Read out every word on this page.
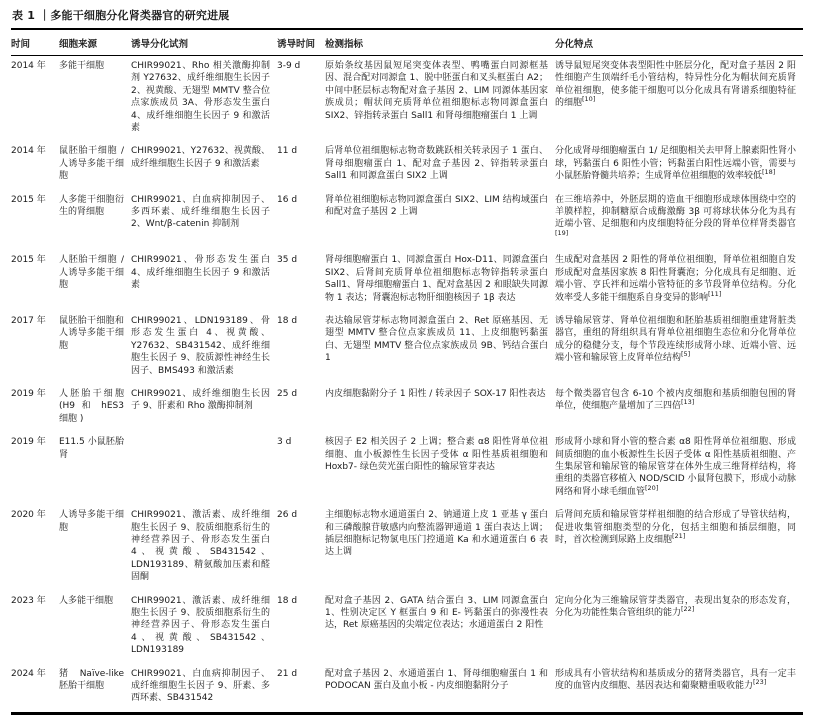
表 1 ｜多能干细胞分化肾类器官的研究进展
时间	细胞来源	诱导分化试剂	诱导时间	检测指标	分化特点
2014 年	多能干细胞	CHIR99021、Rho 相关激酶抑制剂 Y27632、成纤维细胞生长因子 2、视黄酸、无翅型 MMTV 整合位点家族成员 3A、骨形态发生蛋白 4、成纤维细胞生长因子 9 和激活素	3-9 d	原始条纹基因鼠短尾突变体表型、鸭嘴蛋白同源框基因、混合配对同源盒 1、脱中胚蛋白和叉头框蛋白 A2；中间中胚层标志物配对盒子基因 2、LIM 同源体基因家族成员；帽状间充质肾单位祖细胞标志物同源盒蛋白 SIX2、锌指转录蛋白 Sall1 和肾母细胞瘤蛋白 1 上调	诱导鼠短尾突变体表型阳性中胚层分化，配对盒子基因 2 阳性细胞产生顶端纤毛小管结构，特异性分化为帽状间充质肾单位祖细胞，使多能干细胞可以分化成具有肾谱系细胞特征的细胞[10]
2014 年	鼠胚胎干细胞 / 人诱导多能干细胞	CHIR99021、Y27632、视黄酸、成纤维细胞生长因子 9 和激活素	11 d	后肾单位祖细胞标志物奇数跳跃相关转录因子 1 蛋白、肾母细胞瘤蛋白 1、配对盒子基因 2、锌指转录蛋白 Sall1 和同源盒蛋白 SIX2 上调	分化成肾母细胞瘤蛋白 1/ 足细胞相关去甲肾上腺素阳性肾小球，钙黏蛋白 6 阳性小管；钙黏蛋白阳性远端小管，需要与小鼠胚胎脊髓共培养；生成肾单位祖细胞的效率较低[18]
2015 年	人多能干细胞衍生的肾细胞	CHIR99021、白血病抑制因子、多西环素、成纤维细胞生长因子 2、Wnt/β-catenin 抑制剂	16 d	肾单位祖细胞标志物同源盒蛋白 SIX2、LIM 结构域蛋白和配对盒子基因 2 上调	在三维培养中，外胚层期的造血干细胞形成球体围绕中空的羊膜样腔，抑制糖原合成酶激酶 3β 可将球状体分化为具有近端小管、足细胞和内皮细胞特征分段的肾单位样肾类器官[19]
2015 年	人胚胎干细胞 / 人诱导多能干细胞	CHIR99021、骨形态发生蛋白 4、成纤维细胞生长因子 9 和激活素	35 d	肾母细胞瘤蛋白 1、同源盒蛋白 Hox-D11、同源盒蛋白 SIX2、后肾间充质肾单位祖细胞标志物锌指转录蛋白 Sall1、肾母细胞瘤蛋白 1、配对盒基因 2 和眼缺失同源物 1 表达；肾囊泡标志物肝细胞核因子 1β 表达	生成配对盒基因 2 阳性的肾单位祖细胞，肾单位祖细胞自发形成配对盒基因家族 8 阳性肾囊泡；分化成具有足细胞、近端小管、亨氏袢和远端小管特征的多节段肾单位结构。分化效率受人多能干细胞系自身变异的影响[11]
2017 年	鼠胚胎干细胞和人诱导多能干细胞	CHIR99021、LDN193189、骨形态发生蛋白 4、视黄酸、Y27632、SB431542、成纤维细胞生长因子 9、胶质源性神经生长因子、BMS493 和激活素	18 d	表达输尿管芽标志物同源盒蛋白 2、Ret 原癌基因、无翅型 MMTV 整合位点家族成员 11、上皮细胞钙黏蛋白、无翅型 MMTV 整合位点家族成员 9B、钙结合蛋白 1	诱导输尿管芽、肾单位祖细胞和胚胎基质祖细胞重建肾脏类器官，重组的肾组织具有肾单位祖细胞生态位和分化肾单位成分的稳健分支，每个节段连续形成肾小球、近端小管、远端小管和输尿管上皮肾单位结构[5]
2019 年	人胚胎干细胞 (H9 和 hES3 细胞 )	CHIR99021、成纤维细胞生长因子 9、肝素和 Rho 激酶抑制剂	25 d	内皮细胞黏附分子 1 阳性 / 转录因子 SOX-17 阳性表达	每个微类器官包含 6-10 个被内皮细胞和基质细胞包围的肾单位，使细胞产量增加了三四倍[13]
2019 年	E11.5 小鼠胚胎肾		3 d	核因子 E2 相关因子 2 上调；整合素 α8 阳性肾单位祖细胞、血小板源性生长因子受体 α 阳性基质祖细胞和 Hoxb7- 绿色荧光蛋白阳性的输尿管芽表达	形成肾小球和肾小管的整合素 α8 阳性肾单位祖细胞、形成间质细胞的血小板源性生长因子受体 α 阳性基质祖细胞、产生集尿管和输尿管的输尿管芽在体外生成三维肾样结构，将重组的类器官移植入 NOD/SCID 小鼠肾包膜下，形成小动脉网络和肾小球毛细血管[20]
2020 年	人诱导多能干细胞	CHIR99021、激活素、成纤维细胞生长因子 9、胶质细胞系衍生的神经营养因子、骨形态发生蛋白 4、视黄酸、SB431542、LDN193189、精氨酸加压素和醛固酮	26 d	主细胞标志物水通道蛋白 2、钠通道上皮 1 亚基 γ 蛋白和三磷酸腺苷敏感内向整流器钾通道 1 蛋白表达上调；插层细胞标记物氯电压门控通道 Ka 和水通道蛋白 6 表达上调	后肾间充质和输尿管芽样祖细胞的结合形成了导管状结构，促进收集管细胞类型的分化，包括主细胞和插层细胞，同时，首次检测到尿路上皮细胞[21]
2023 年	人多能干细胞	CHIR99021、激活素、成纤维细胞生长因子 9、胶质细胞系衍生的神经营养因子、骨形态发生蛋白 4、视黄酸、SB431542、LDN193189	18 d	配对盒子基因 2、GATA 结合蛋白 3、LIM 同源盒蛋白 1、性别决定区 Y 框蛋白 9 和 E- 钙黏蛋白的弥漫性表达，Ret 原癌基因的尖端定位表达；水通道蛋白 2 阳性	定向分化为三维输尿管芽类器官，表现出复杂的形态发育，分化为功能性集合管组织的能力[22]
2024 年	猪 Naïve-like 胚胎干细胞	CHIR99021、白血病抑制因子、成纤维细胞生长因子 9、肝素、多西环素、SB431542	21 d	配对盒子基因 2、水通道蛋白 1、肾母细胞瘤蛋白 1 和 PODOCAN 蛋白及血小板 - 内皮细胞黏附分子	形成具有小管状结构和基质成分的猪肾类器官，具有一定丰度的血管内皮细胞、基因表达和葡聚糖重吸收能力[23]
